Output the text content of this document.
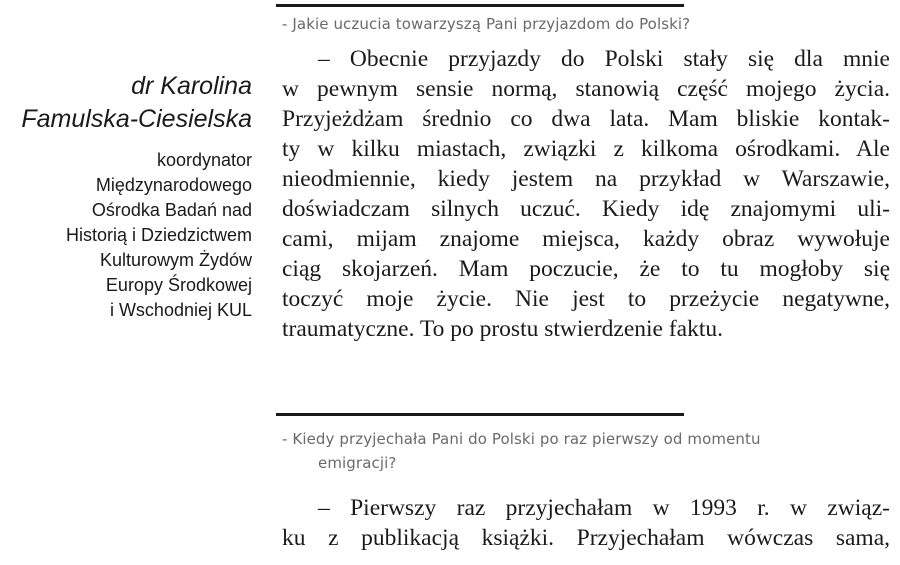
dr Karolina
Famulska-Ciesielska
koordynator
Międzynarodowego
Ośrodka Badań nad
Historią i Dziedzictwem
Kulturowym Żydów
Europy Środkowej
i Wschodniej KUL
- Jakie uczucia towarzyszą Pani przyjazdom do Polski?
– Obecnie przyjazdy do Polski stały się dla mnie
w pewnym sensie normą, stanowią część mojego życia.
Przyjeżdżam średnio co dwa lata. Mam bliskie kontak-
ty w kilku miastach, związki z kilkoma ośrodkami. Ale
nieodmiennie, kiedy jestem na przykład w Warszawie,
doświadczam silnych uczuć. Kiedy idę znajomymi uli-
cami, mijam znajome miejsca, każdy obraz wywołuje
ciąg skojarzeń. Mam poczucie, że to tu mogłoby się
toczyć moje życie. Nie jest to przeżycie negatywne,
traumatyczne. To po prostu stwierdzenie faktu.
- Kiedy przyjechała Pani do Polski po raz pierwszy od momentu
emigracji?
– Pierwszy raz przyjechałam w 1993 r. w związ-
ku z publikacją książki. Przyjechałam wówczas sama,
